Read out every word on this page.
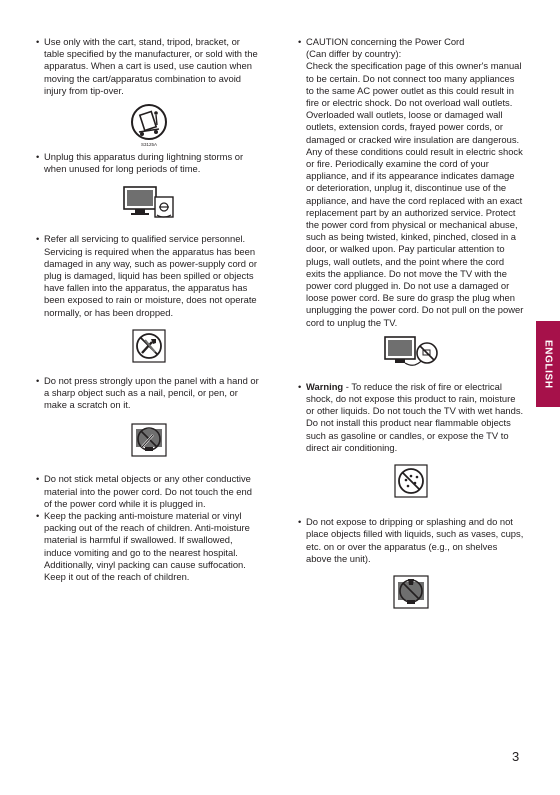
• Use only with the cart, stand, tripod, bracket, or table specified by the manufacturer, or sold with the apparatus. When a cart is used, use caution when moving the cart/apparatus combination to avoid injury from tip-over.
S3125A
• Unplug this apparatus during lightning storms or when unused for long periods of time.
• Refer all servicing to qualified service personnel. Servicing is required when the apparatus has been damaged in any way, such as power-supply cord or plug is damaged, liquid has been spilled or objects have fallen into the apparatus, the apparatus has been exposed to rain or moisture, does not operate normally, or has been dropped.
• Do not press strongly upon the panel with a hand or a sharp object such as a nail, pencil, or pen, or make a scratch on it.
• Do not stick metal objects or any other conductive material into the power cord. Do not touch the end of the power cord while it is plugged in.
• Keep the packing anti-moisture material or vinyl packing out of the reach of children. Anti-moisture material is harmful if swallowed. If swallowed, induce vomiting and go to the nearest hospital. Additionally, vinyl packing can cause suffocation. Keep it out of the reach of children.
• CAUTION concerning the Power Cord
(Can differ by country):
Check the specification page of this owner's manual to be certain. Do not connect too many appliances to the same AC power outlet as this could result in fire or electric shock. Do not overload wall outlets. Overloaded wall outlets, loose or damaged wall outlets, extension cords, frayed power cords, or damaged or cracked wire insulation are dangerous. Any of these conditions could result in electric shock or fire. Periodically examine the cord of your appliance, and if its appearance indicates damage or deterioration, unplug it, discontinue use of the appliance, and have the cord replaced with an exact replacement part by an authorized service. Protect the power cord from physical or mechanical abuse, such as being twisted, kinked, pinched, closed in a door, or walked upon. Pay particular attention to plugs, wall outlets, and the point where the cord exits the appliance. Do not move the TV with the power cord plugged in. Do not use a damaged or loose power cord. Be sure do grasp the plug when unplugging the power cord. Do not pull on the power cord to unplug the TV.
• Warning - To reduce the risk of fire or electrical shock, do not expose this product to rain, moisture or other liquids. Do not touch the TV with wet hands. Do not install this product near flammable objects such as gasoline or candles, or expose the TV to direct air conditioning.
• Do not expose to dripping or splashing and do not place objects filled with liquids, such as vases, cups, etc. on or over the apparatus (e.g., on shelves above the unit).
ENGLISH
3
